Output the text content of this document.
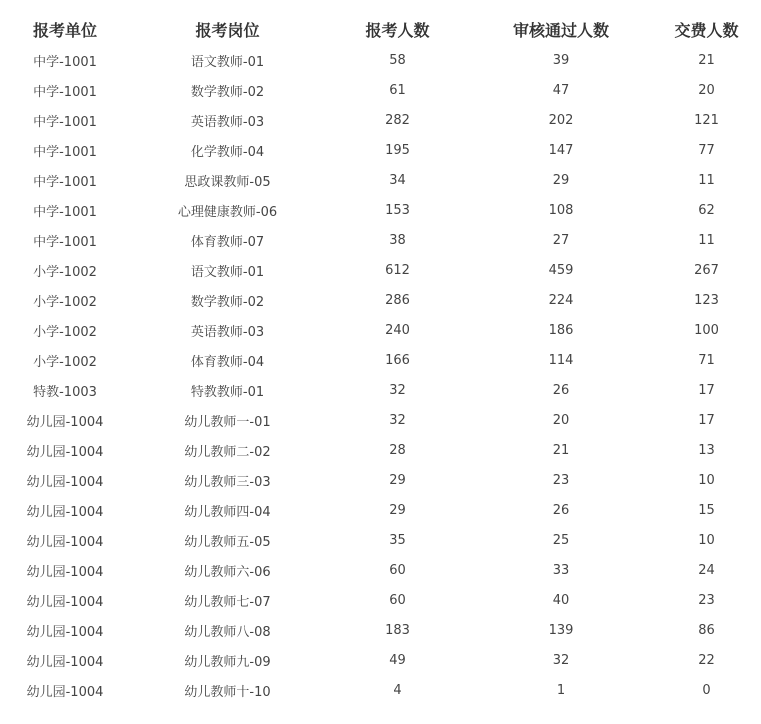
报考单位	报考岗位	报考人数	审核通过人数	交费人数
中学-1001	语文教师-01	58	39	21
中学-1001	数学教师-02	61	47	20
中学-1001	英语教师-03	282	202	121
中学-1001	化学教师-04	195	147	77
中学-1001	思政课教师-05	34	29	11
中学-1001	心理健康教师-06	153	108	62
中学-1001	体育教师-07	38	27	11
小学-1002	语文教师-01	612	459	267
小学-1002	数学教师-02	286	224	123
小学-1002	英语教师-03	240	186	100
小学-1002	体育教师-04	166	114	71
特教-1003	特教教师-01	32	26	17
幼儿园-1004	幼儿教师一-01	32	20	17
幼儿园-1004	幼儿教师二-02	28	21	13
幼儿园-1004	幼儿教师三-03	29	23	10
幼儿园-1004	幼儿教师四-04	29	26	15
幼儿园-1004	幼儿教师五-05	35	25	10
幼儿园-1004	幼儿教师六-06	60	33	24
幼儿园-1004	幼儿教师七-07	60	40	23
幼儿园-1004	幼儿教师八-08	183	139	86
幼儿园-1004	幼儿教师九-09	49	32	22
幼儿园-1004	幼儿教师十-10	4	1	0
